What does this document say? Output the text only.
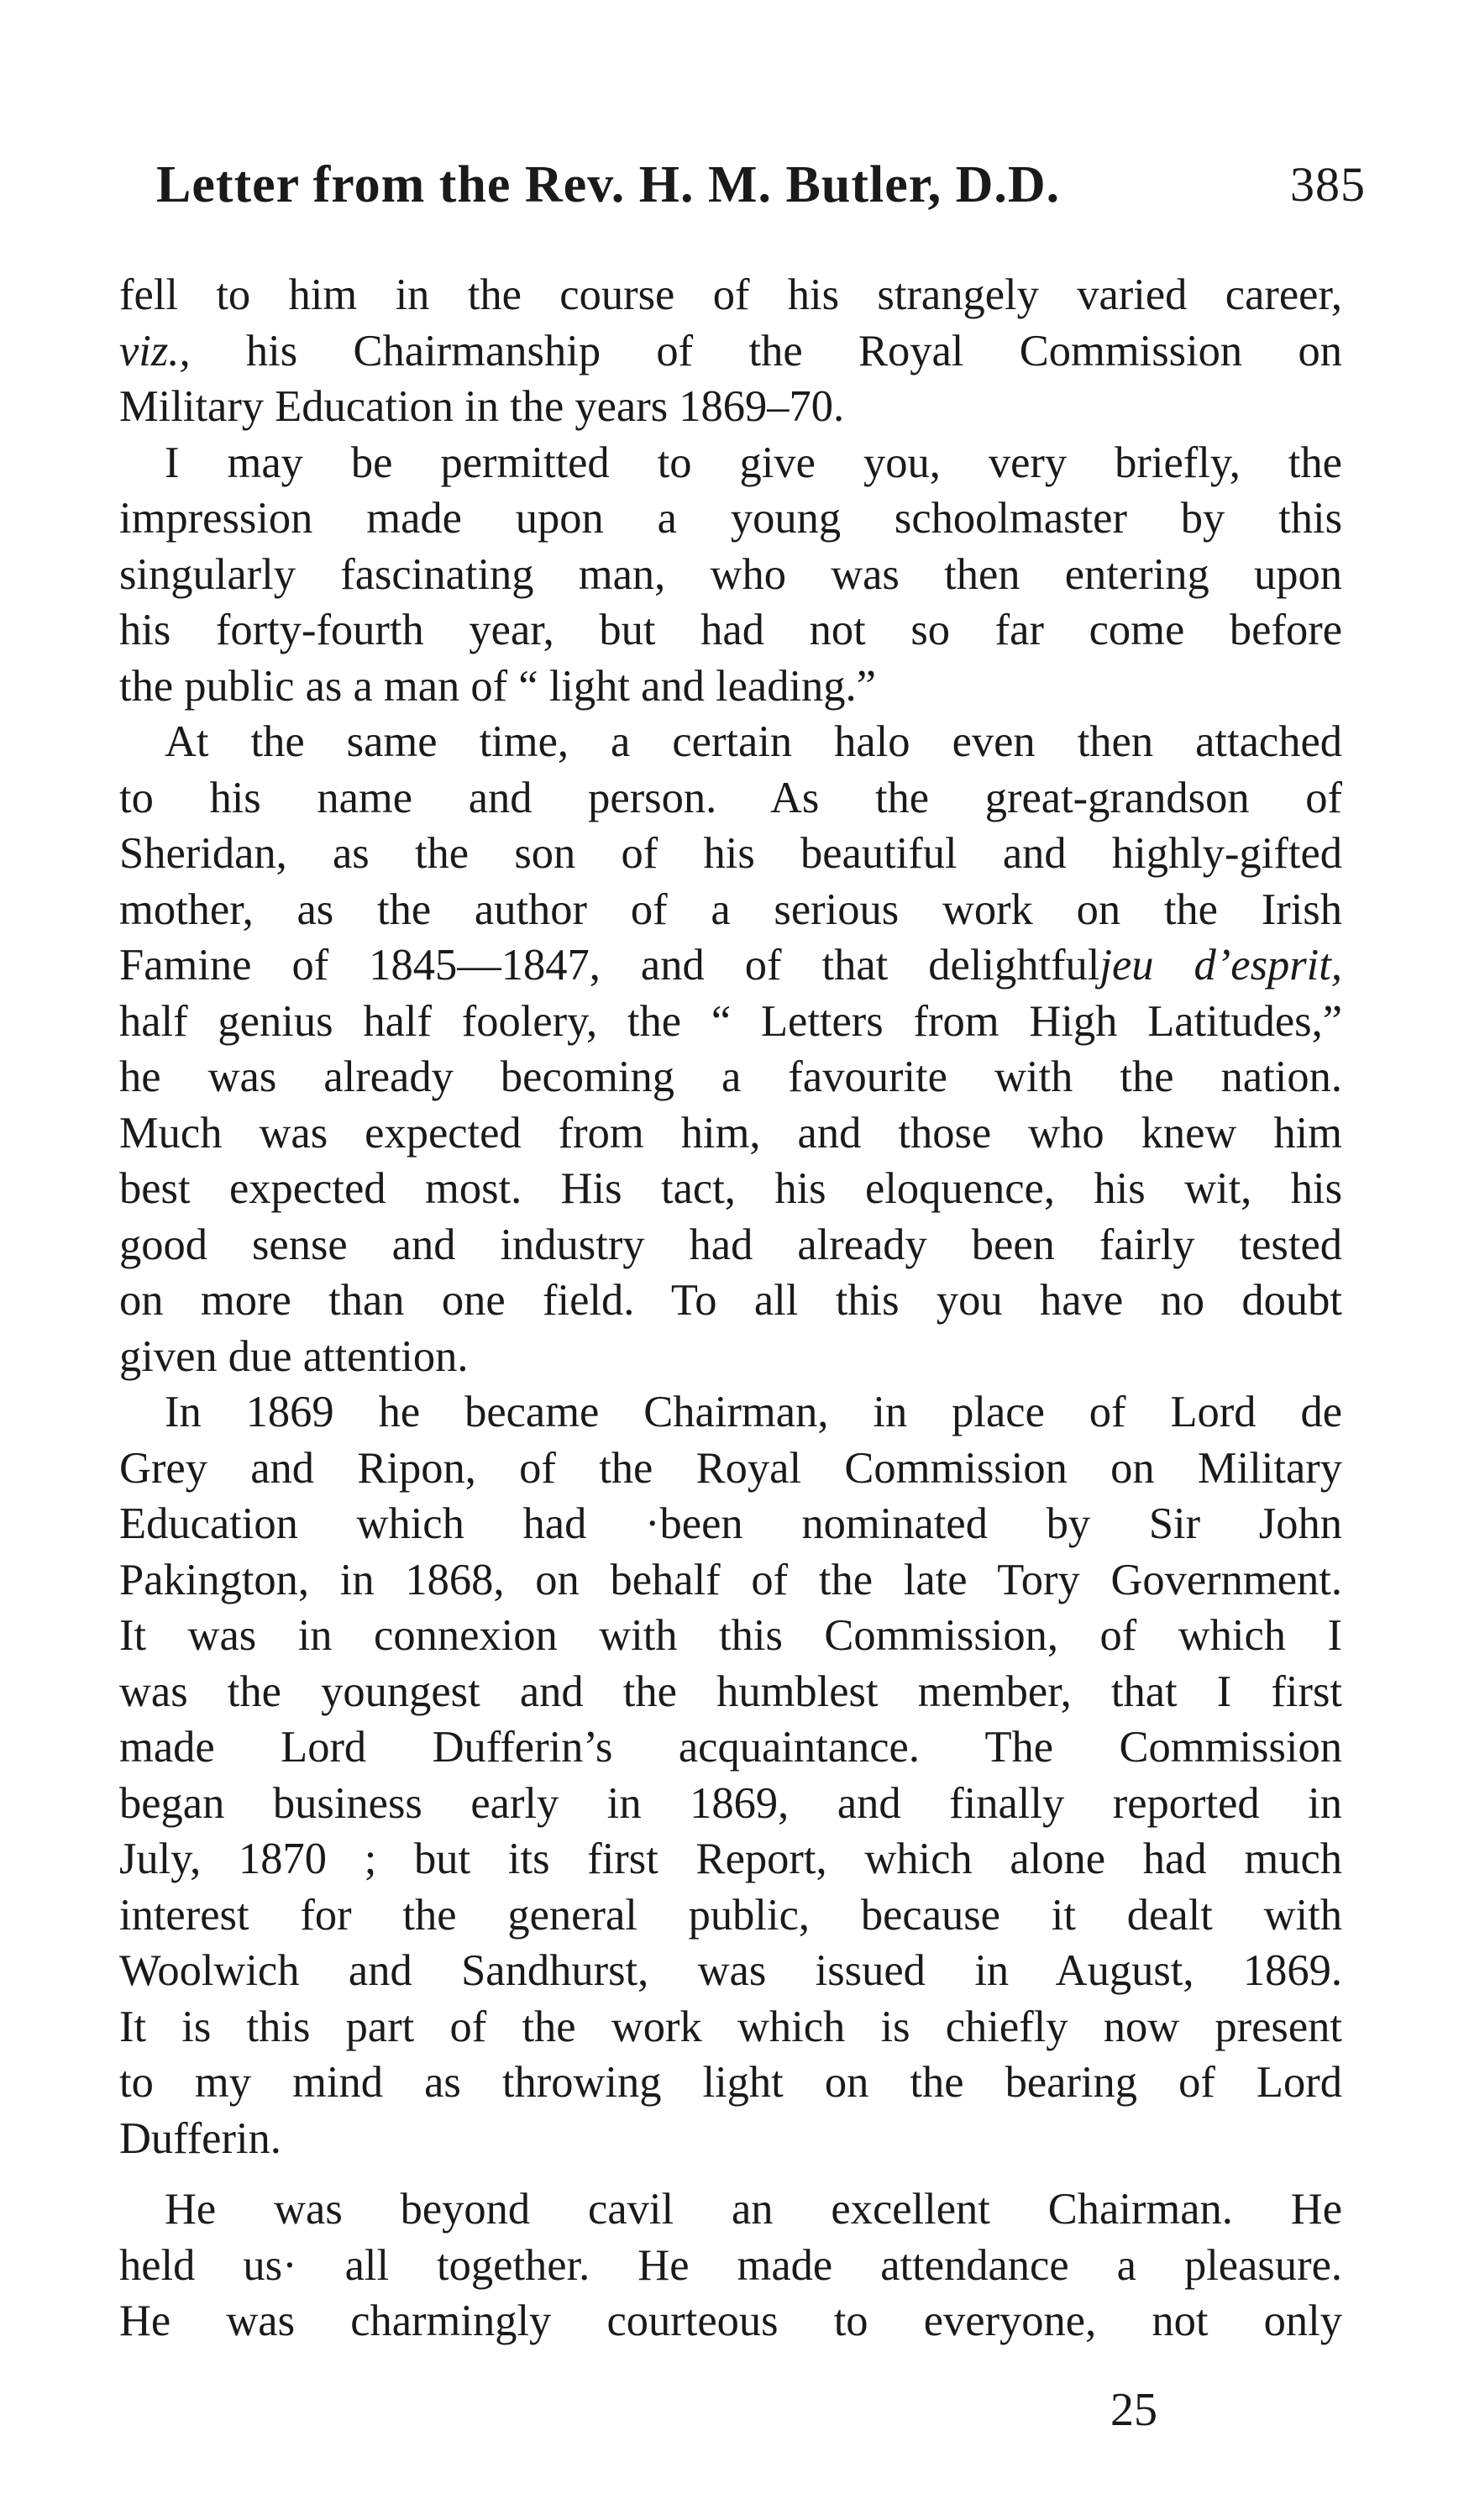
Letter from the Rev. H. M. Butler, D.D.	385
fell to him in the course of his strangely varied career,
viz., his Chairmanship of the Royal Commission on
Military Education in the years 1869–70.
I may be permitted to give you, very briefly, the
impression made upon a young schoolmaster by this
singularly fascinating man, who was then entering upon
his forty-fourth year, but had not so far come before
the public as a man of “ light and leading.”
At the same time, a certain halo even then attached
to his name and person. As the great-grandson of
Sheridan, as the son of his beautiful and highly-gifted
mother, as the author of a serious work on the Irish
Famine of 1845—1847, and of that delightfuljeu d’esprit,
half genius half foolery, the “ Letters from High Latitudes,”
he was already becoming a favourite with the nation.
Much was expected from him, and those who knew him
best expected most. His tact, his eloquence, his wit, his
good sense and industry had already been fairly tested
on more than one field. To all this you have no doubt
given due attention.
In 1869 he became Chairman, in place of Lord de
Grey and Ripon, of the Royal Commission on Military
Education which had ·been nominated by Sir John
Pakington, in 1868, on behalf of the late Tory Government.
It was in connexion with this Commission, of which I
was the youngest and the humblest member, that I first
made Lord Dufferin’s acquaintance. The Commission
began business early in 1869, and finally reported in
July, 1870 ; but its first Report, which alone had much
interest for the general public, because it dealt with
Woolwich and Sandhurst, was issued in August, 1869.
It is this part of the work which is chiefly now present
to my mind as throwing light on the bearing of Lord
Dufferin.
He was beyond cavil an excellent Chairman. He
held us· all together. He made attendance a pleasure.
He was charmingly courteous to everyone, not only
25
